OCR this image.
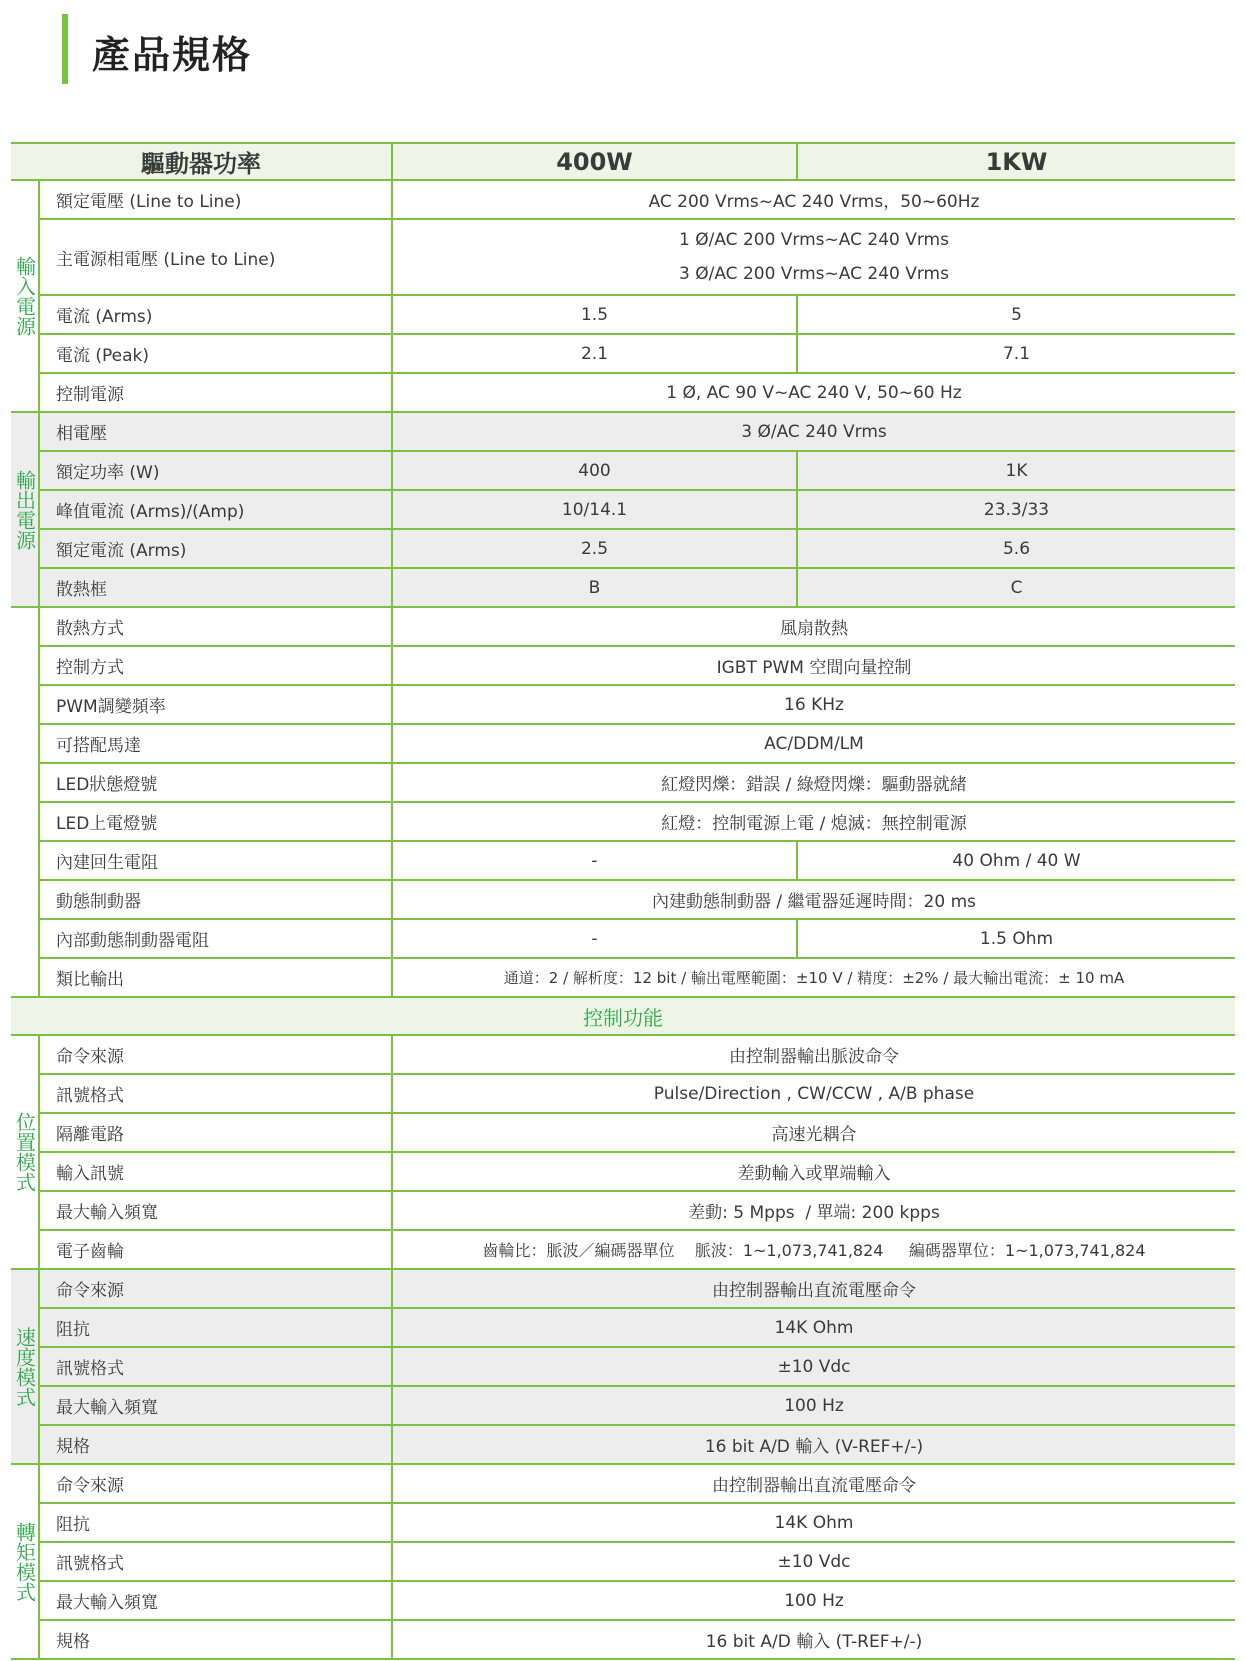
產品規格
驅動器功率		400W	1KW
輸入電源	額定電壓 (Line to Line)	AC 200 Vrms~AC 240 Vrms，50~60Hz	
	主電源相電壓 (Line to Line)	1 Ø/AC 200 Vrms~AC 240 Vrms
3 Ø/AC 200 Vrms~AC 240 Vrms	

	電流 (Arms)	1.5	5
	電流 (Peak)	2.1	7.1
	控制電源	1 Ø, AC 90 V~AC 240 V, 50~60 Hz	
輸出電源	相電壓	3 Ø/AC 240 Vrms	
	額定功率 (W)	400	1K
	峰值電流 (Arms)/(Amp)	10/14.1	23.3/33
	額定電流 (Arms)	2.5	5.6
	散熱框	B	C
	散熱方式	風扇散熱	
	控制方式	IGBT PWM 空間向量控制	
	PWM調變頻率	16 KHz	
	可搭配馬達	AC/DDM/LM	
	LED狀態燈號	紅燈閃爍：錯誤 / 綠燈閃爍：驅動器就緒	
	LED上電燈號	紅燈：控制電源上電 / 熄滅：無控制電源	
	內建回生電阻	-	40 Ohm / 40 W
	動態制動器	內建動態制動器 / 繼電器延遲時間：20 ms	
	內部動態制動器電阻	-	1.5 Ohm
	類比輸出	通道：2 / 解析度：12 bit / 輸出電壓範圍：±10 V / 精度：±2% / 最大輸出電流：± 10 mA	
控制功能			
位置模式	命令來源	由控制器輸出脈波命令	
	訊號格式	Pulse/Direction , CW/CCW , A/B phase	
	隔離電路	高速光耦合	
	輸入訊號	差動輸入或單端輸入	
	最大輸入頻寬	差動: 5 Mpps  / 單端: 200 kpps	
	電子齒輪	齒輪比：脈波／編碼器單位    脈波：1~1,073,741,824     編碼器單位：1~1,073,741,824	
速度模式	命令來源	由控制器輸出直流電壓命令	
	阻抗	14K Ohm	
	訊號格式	±10 Vdc	
	最大輸入頻寬	100 Hz	
	規格	16 bit A/D 輸入 (V-REF+/-)	
轉矩模式	命令來源	由控制器輸出直流電壓命令	
	阻抗	14K Ohm	
	訊號格式	±10 Vdc	
	最大輸入頻寬	100 Hz	
	規格	16 bit A/D 輸入 (T-REF+/-)	
